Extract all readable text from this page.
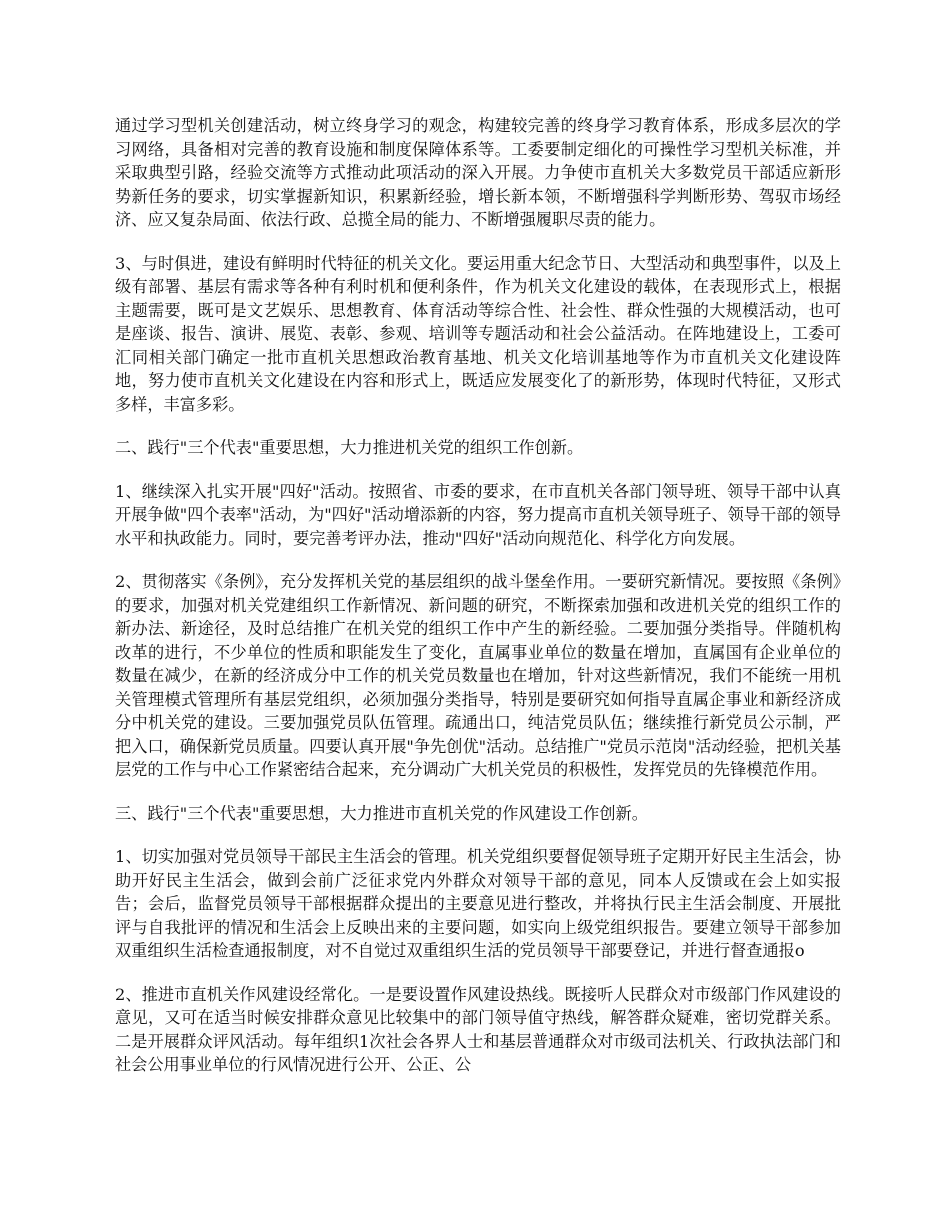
通过学习型机关创建活动，树立终身学习的观念，构建较完善的终身学习教育体系，形成多层次的学习网络，具备相对完善的教育设施和制度保障体系等。工委要制定细化的可操性学习型机关标准，并采取典型引路，经验交流等方式推动此项活动的深入开展。力争使市直机关大多数党员干部适应新形势新任务的要求，切实掌握新知识，积累新经验，增长新本领，不断增强科学判断形势、驾驭市场经济、应又复杂局面、依法行政、总揽全局的能力、不断增强履职尽责的能力。

3、与时俱进，建设有鲜明时代特征的机关文化。要运用重大纪念节日、大型活动和典型事件，以及上级有部署、基层有需求等各种有利时机和便利条件，作为机关文化建设的载体，在表现形式上，根据主题需要，既可是文艺娱乐、思想教育、体育活动等综合性、社会性、群众性强的大规模活动，也可是座谈、报告、演讲、展览、表彰、参观、培训等专题活动和社会公益活动。在阵地建设上，工委可汇同相关部门确定一批市直机关思想政治教育基地、机关文化培训基地等作为市直机关文化建设阵地，努力使市直机关文化建设在内容和形式上，既适应发展变化了的新形势，体现时代特征，又形式多样，丰富多彩。

二、践行"三个代表"重要思想，大力推进机关党的组织工作创新。

1、继续深入扎实开展"四好"活动。按照省、市委的要求，在市直机关各部门领导班、领导干部中认真开展争做"四个表率"活动，为"四好"活动增添新的内容，努力提高市直机关领导班子、领导干部的领导水平和执政能力。同时，要完善考评办法，推动"四好"活动向规范化、科学化方向发展。

2、贯彻落实《条例》，充分发挥机关党的基层组织的战斗堡垒作用。一要研究新情况。要按照《条例》的要求，加强对机关党建组织工作新情况、新问题的研究，不断探索加强和改进机关党的组织工作的新办法、新途径，及时总结推广在机关党的组织工作中产生的新经验。二要加强分类指导。伴随机构改革的进行，不少单位的性质和职能发生了变化，直属事业单位的数量在增加，直属国有企业单位的数量在减少，在新的经济成分中工作的机关党员数量也在增加，针对这些新情况，我们不能统一用机关管理模式管理所有基层党组织，必须加强分类指导，特别是要研究如何指导直属企事业和新经济成分中机关党的建设。三要加强党员队伍管理。疏通出口，纯洁党员队伍；继续推行新党员公示制，严把入口，确保新党员质量。四要认真开展"争先创优"活动。总结推广"党员示范岗"活动经验，把机关基层党的工作与中心工作紧密结合起来，充分调动广大机关党员的积极性，发挥党员的先锋模范作用。

三、践行"三个代表"重要思想，大力推进市直机关党的作风建设工作创新。

1、切实加强对党员领导干部民主生活会的管理。机关党组织要督促领导班子定期开好民主生活会，协助开好民主生活会，做到会前广泛征求党内外群众对领导干部的意见，同本人反馈或在会上如实报告；会后，监督党员领导干部根据群众提出的主要意见进行整改，并将执行民主生活会制度、开展批评与自我批评的情况和生活会上反映出来的主要问题，如实向上级党组织报告。要建立领导干部参加双重组织生活检查通报制度，对不自觉过双重组织生活的党员领导干部要登记，并进行督查通报o

2、推进市直机关作风建设经常化。一是要设置作风建设热线。既接听人民群众对市级部门作风建设的意见，又可在适当时候安排群众意见比较集中的部门领导值守热线，解答群众疑难，密切党群关系。二是开展群众评风活动。每年组织1次社会各界人士和基层普通群众对市级司法机关、行政执法部门和社会公用事业单位的行风情况进行公开、公正、公
